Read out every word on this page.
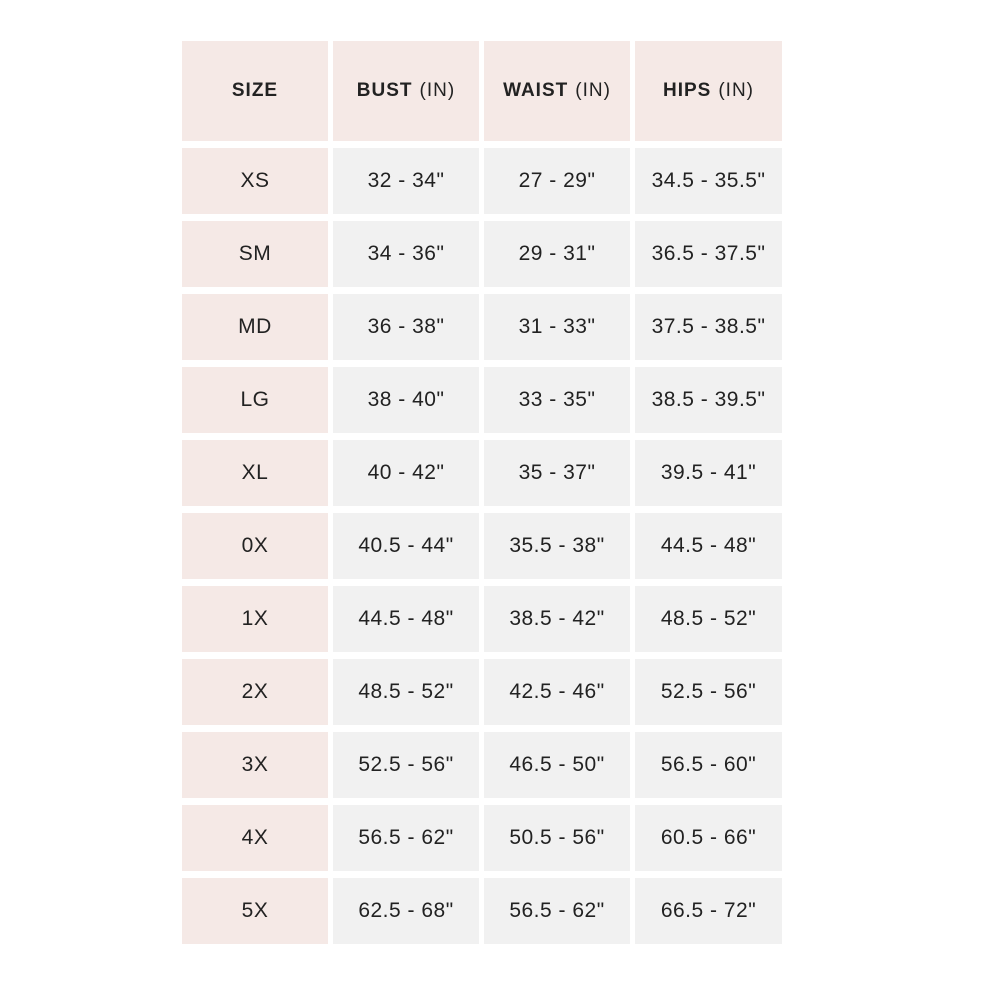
SIZE	BUST (IN)	WAIST (IN)	HIPS (IN)
XS	32 - 34"	27 - 29"	34.5 - 35.5"
SM	34 - 36"	29 - 31"	36.5 - 37.5"
MD	36 - 38"	31 - 33"	37.5 - 38.5"
LG	38 - 40"	33 - 35"	38.5 - 39.5"
XL	40 - 42"	35 - 37"	39.5 - 41"
0X	40.5 - 44"	35.5 - 38"	44.5 - 48"
1X	44.5 - 48"	38.5 - 42"	48.5 - 52"
2X	48.5 - 52"	42.5 - 46"	52.5 - 56"
3X	52.5 - 56"	46.5 - 50"	56.5 - 60"
4X	56.5 - 62"	50.5 - 56"	60.5 - 66"
5X	62.5 - 68"	56.5 - 62"	66.5 - 72"
